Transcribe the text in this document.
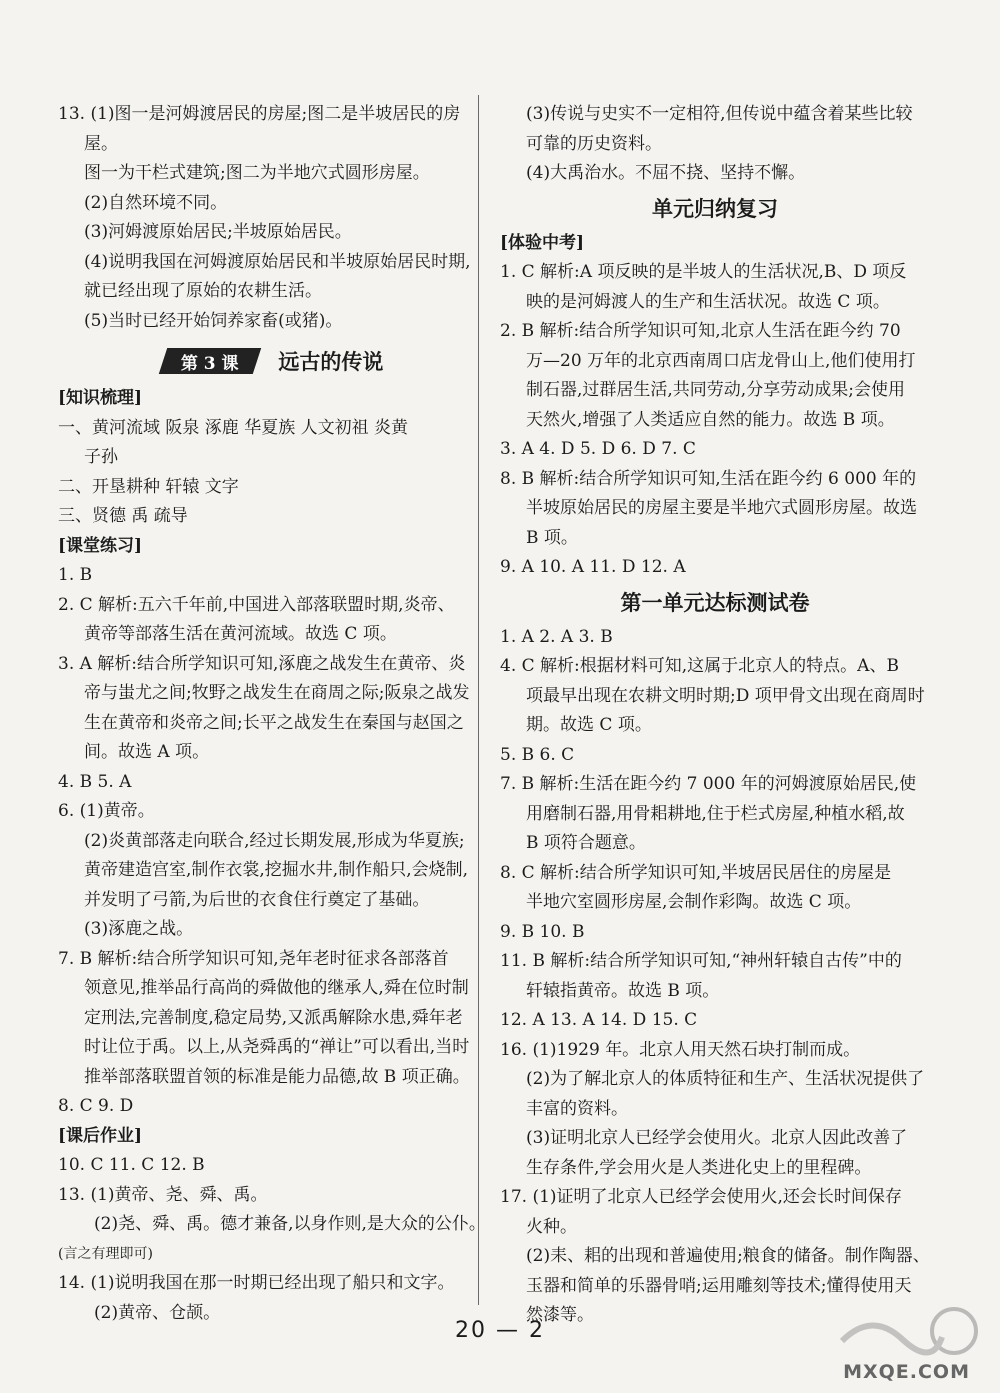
13. (1)图一是河姆渡居民的房屋;图二是半坡居民的房
屋。
图一为干栏式建筑;图二为半地穴式圆形房屋。
(2)自然环境不同。
(3)河姆渡原始居民;半坡原始居民。
(4)说明我国在河姆渡原始居民和半坡原始居民时期,
就已经出现了原始的农耕生活。
(5)当时已经开始饲养家畜(或猪)。
第 3 课 远古的传说
[知识梳理]
一、黄河流域 阪泉 涿鹿 华夏族 人文初祖 炎黄
子孙
二、开垦耕种 轩辕 文字
三、贤德 禹 疏导
[课堂练习]
1. B
2. C 解析:五六千年前,中国进入部落联盟时期,炎帝、
黄帝等部落生活在黄河流域。故选 C 项。
3. A 解析:结合所学知识可知,涿鹿之战发生在黄帝、炎
帝与蚩尤之间;牧野之战发生在商周之际;阪泉之战发
生在黄帝和炎帝之间;长平之战发生在秦国与赵国之
间。故选 A 项。
4. B 5. A
6. (1)黄帝。
(2)炎黄部落走向联合,经过长期发展,形成为华夏族;
黄帝建造宫室,制作衣裳,挖掘水井,制作船只,会烧制,
并发明了弓箭,为后世的衣食住行奠定了基础。
(3)涿鹿之战。
7. B 解析:结合所学知识可知,尧年老时征求各部落首
领意见,推举品行高尚的舜做他的继承人,舜在位时制
定刑法,完善制度,稳定局势,又派禹解除水患,舜年老
时让位于禹。以上,从尧舜禹的“禅让”可以看出,当时
推举部落联盟首领的标准是能力品德,故 B 项正确。
8. C 9. D
[课后作业]
10. C 11. C 12. B
13. (1)黄帝、尧、舜、禹。
(2)尧、舜、禹。德才兼备,以身作则,是大众的公仆。
(言之有理即可)
14. (1)说明我国在那一时期已经出现了船只和文字。
(2)黄帝、仓颉。
(3)传说与史实不一定相符,但传说中蕴含着某些比较
可靠的历史资料。
(4)大禹治水。不屈不挠、坚持不懈。
单元归纳复习
[体验中考]
1. C 解析:A 项反映的是半坡人的生活状况,B、D 项反
映的是河姆渡人的生产和生活状况。故选 C 项。
2. B 解析:结合所学知识可知,北京人生活在距今约 70
万—20 万年的北京西南周口店龙骨山上,他们使用打
制石器,过群居生活,共同劳动,分享劳动成果;会使用
天然火,增强了人类适应自然的能力。故选 B 项。
3. A 4. D 5. D 6. D 7. C
8. B 解析:结合所学知识可知,生活在距今约 6 000 年的
半坡原始居民的房屋主要是半地穴式圆形房屋。故选
B 项。
9. A 10. A 11. D 12. A
第一单元达标测试卷
1. A 2. A 3. B
4. C 解析:根据材料可知,这属于北京人的特点。A、B
项最早出现在农耕文明时期;D 项甲骨文出现在商周时
期。故选 C 项。
5. B 6. C
7. B 解析:生活在距今约 7 000 年的河姆渡原始居民,使
用磨制石器,用骨耜耕地,住于栏式房屋,种植水稻,故
B 项符合题意。
8. C 解析:结合所学知识可知,半坡居民居住的房屋是
半地穴室圆形房屋,会制作彩陶。故选 C 项。
9. B 10. B
11. B 解析:结合所学知识可知,“神州轩辕自古传”中的
轩辕指黄帝。故选 B 项。
12. A 13. A 14. D 15. C
16. (1)1929 年。北京人用天然石块打制而成。
(2)为了解北京人的体质特征和生产、生活状况提供了
丰富的资料。
(3)证明北京人已经学会使用火。北京人因此改善了
生存条件,学会用火是人类进化史上的里程碑。
17. (1)证明了北京人已经学会使用火,还会长时间保存
火种。
(2)耒、耜的出现和普遍使用;粮食的储备。制作陶器、
玉器和简单的乐器骨哨;运用雕刻等技术;懂得使用天
然漆等。
20 — 2
MXQE.COM
